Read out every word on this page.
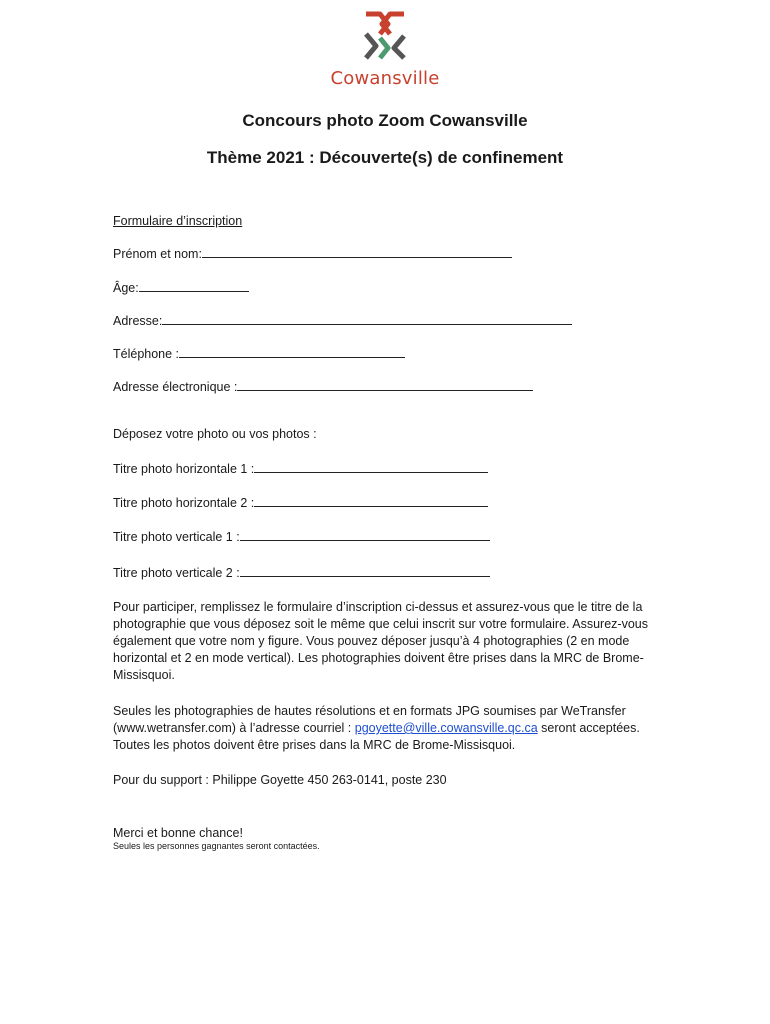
Cowansville
Concours photo Zoom Cowansville
Thème 2021 : Découverte(s) de confinement
Formulaire d’inscription
Prénom et nom:
Âge:
Adresse:
Téléphone :
Adresse électronique :
Déposez votre photo ou vos photos :
Titre photo horizontale 1 :
Titre photo horizontale 2 :
Titre photo verticale 1 :
Titre photo verticale 2 :
Pour participer, remplissez le formulaire d’inscription ci-dessus et assurez-vous que le titre de la photographie que vous déposez soit le même que celui inscrit sur votre formulaire. Assurez-vous également que votre nom y figure. Vous pouvez déposer jusqu’à 4 photographies (2 en mode horizontal et 2 en mode vertical). Les photographies doivent être prises dans la MRC de Brome-Missisquoi.
Seules les photographies de hautes résolutions et en formats JPG soumises par WeTransfer (www.wetransfer.com) à l’adresse courriel : pgoyette@ville.cowansville.qc.ca seront acceptées. Toutes les photos doivent être prises dans la MRC de Brome-Missisquoi.
Pour du support : Philippe Goyette 450 263-0141, poste 230
Merci et bonne chance!
Seules les personnes gagnantes seront contactées.
